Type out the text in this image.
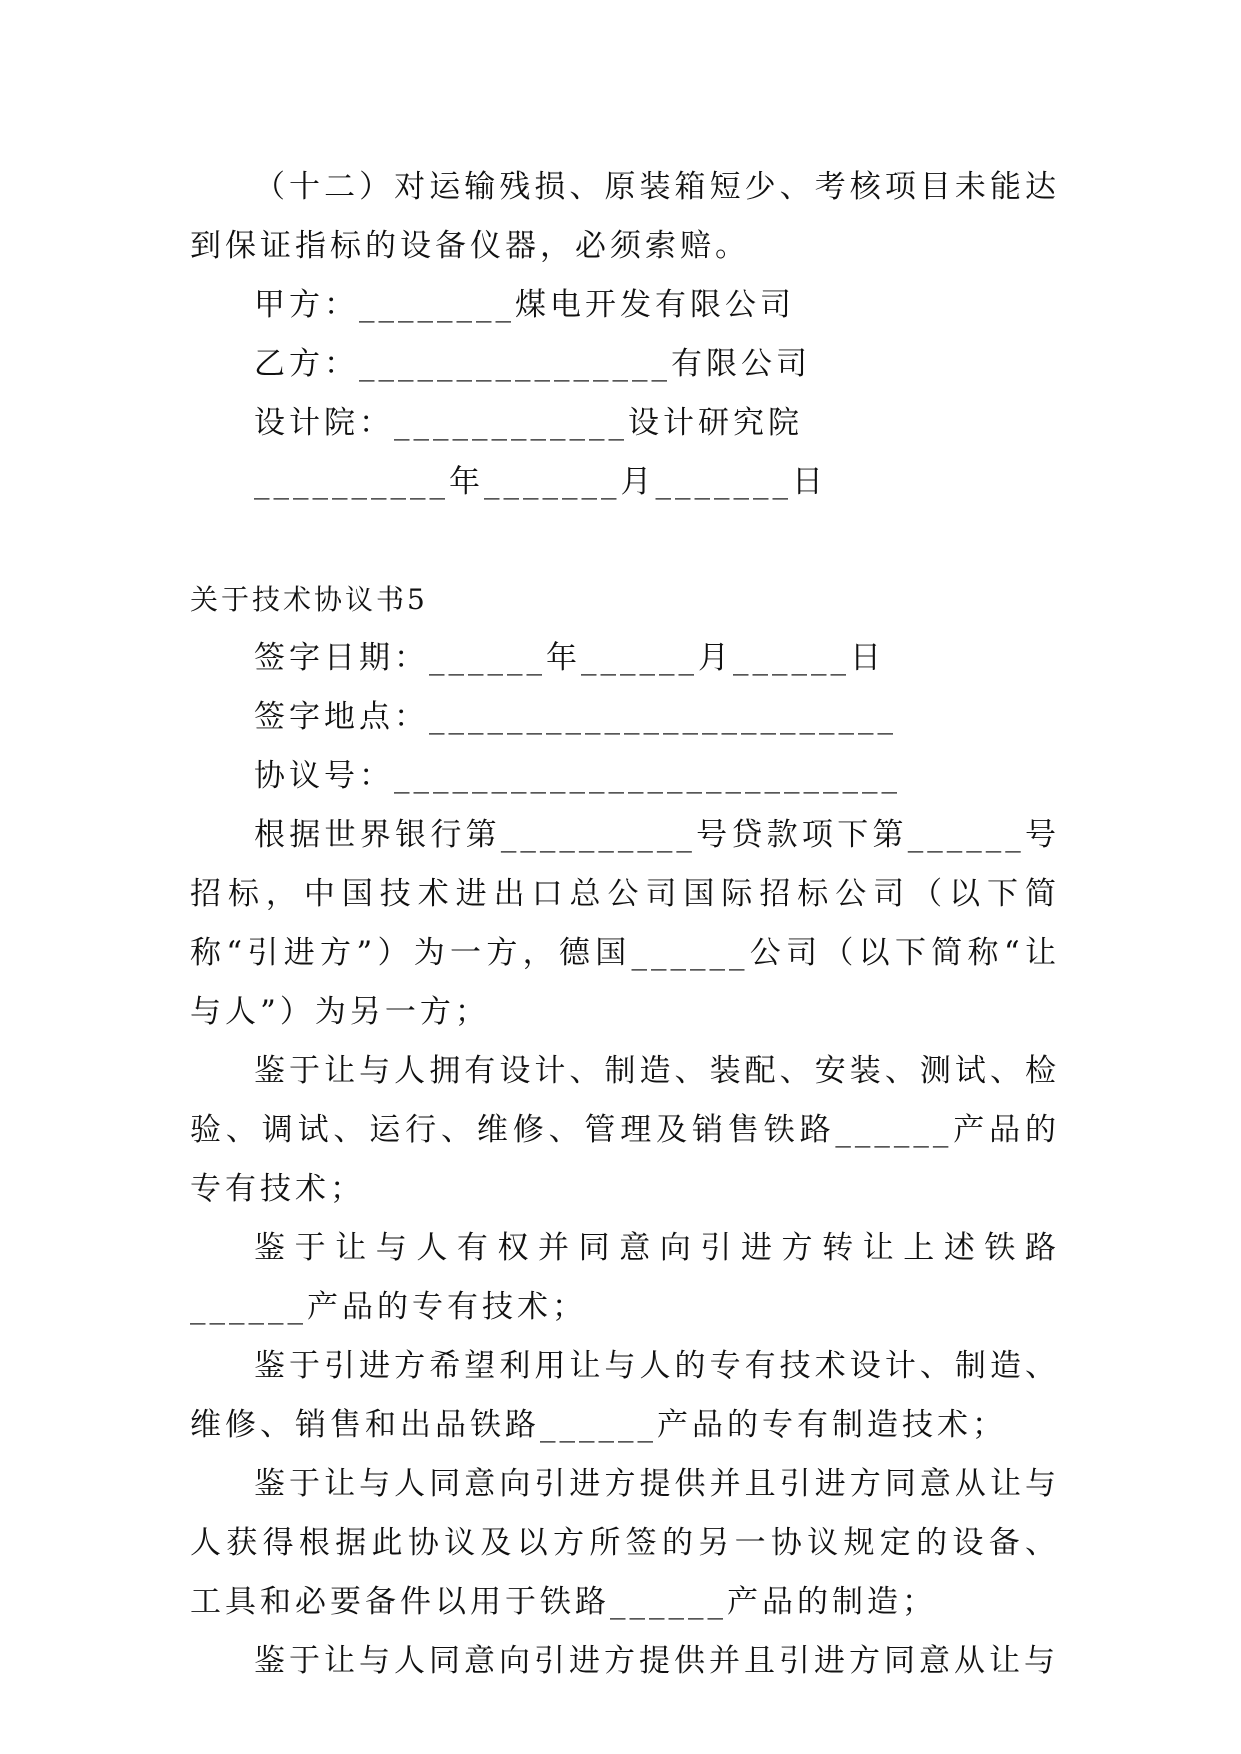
（十二）对运输残损、原装箱短少、考核项目未能达到保证指标的设备仪器，必须索赔。

甲方：________煤电开发有限公司

乙方：________________有限公司

设计院：____________设计研究院

__________年_______月_______日

关于技术协议书5

签字日期：______年______月______日

签字地点：________________________

协议号：__________________________

根据世界银行第__________号贷款项下第______号招标，中国技术进出口总公司国际招标公司（以下简称“引进方”）为一方，德国______公司（以下简称“让与人”）为另一方；

鉴于让与人拥有设计、制造、装配、安装、测试、检验、调试、运行、维修、管理及销售铁路______产品的专有技术；

鉴于让与人有权并同意向引进方转让上述铁路______产品的专有技术；

鉴于引进方希望利用让与人的专有技术设计、制造、维修、销售和出品铁路______产品的专有制造技术；

鉴于让与人同意向引进方提供并且引进方同意从让与人获得根据此协议及以方所签的另一协议规定的设备、工具和必要备件以用于铁路______产品的制造；

鉴于让与人同意向引进方提供并且引进方同意从让与
